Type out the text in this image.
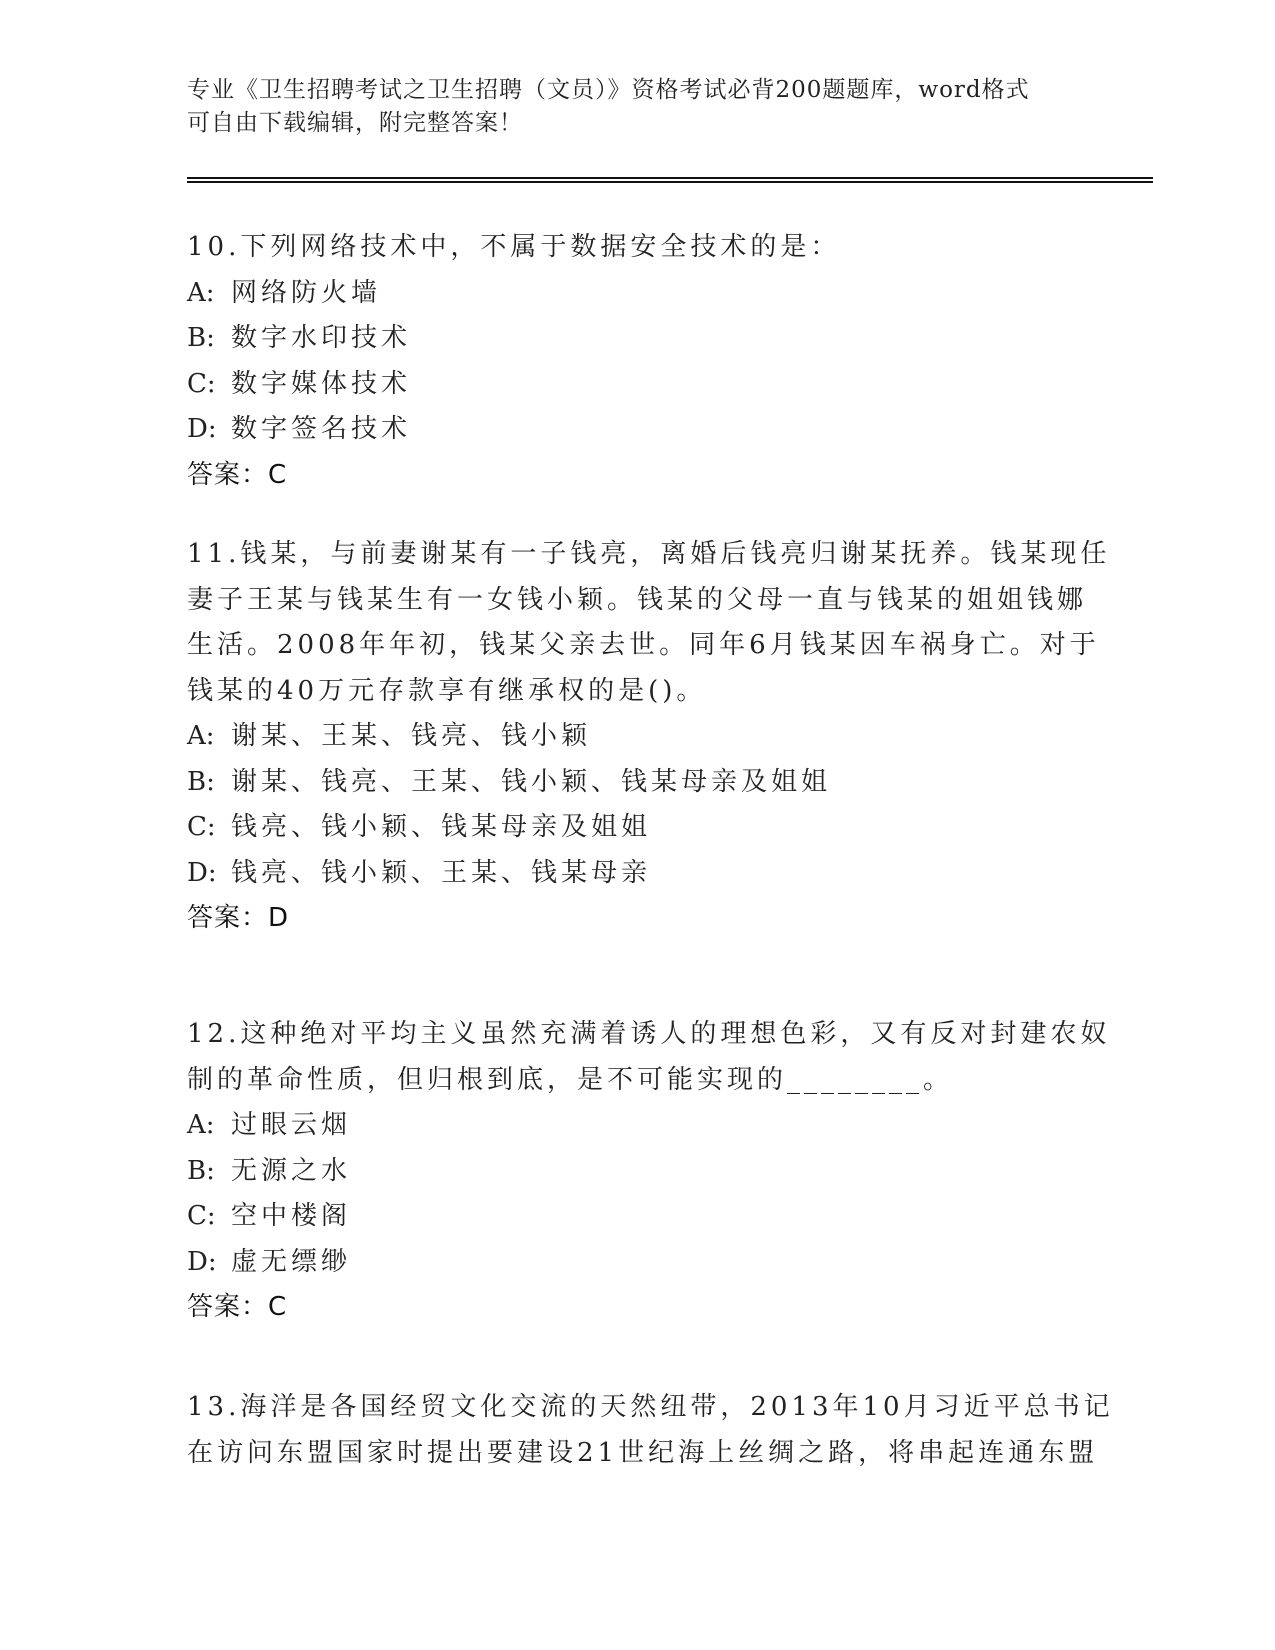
专业《卫生招聘考试之卫生招聘（文员）》资格考试必背200题题库，word格式
可自由下载编辑，附完整答案！
10.下列网络技术中，不属于数据安全技术的是：
A: 网络防火墙
B: 数字水印技术
C: 数字媒体技术
D: 数字签名技术
答案：C
11.钱某，与前妻谢某有一子钱亮，离婚后钱亮归谢某抚养。钱某现任
妻子王某与钱某生有一女钱小颖。钱某的父母一直与钱某的姐姐钱娜
生活。2008年年初，钱某父亲去世。同年6月钱某因车祸身亡。对于
钱某的40万元存款享有继承权的是()。
A: 谢某、王某、钱亮、钱小颖
B: 谢某、钱亮、王某、钱小颖、钱某母亲及姐姐
C: 钱亮、钱小颖、钱某母亲及姐姐
D: 钱亮、钱小颖、王某、钱某母亲
答案：D
12.这种绝对平均主义虽然充满着诱人的理想色彩，又有反对封建农奴
制的革命性质，但归根到底，是不可能实现的________。
A: 过眼云烟
B: 无源之水
C: 空中楼阁
D: 虚无缥缈
答案：C
13.海洋是各国经贸文化交流的天然纽带，2013年10月习近平总书记
在访问东盟国家时提出要建设21世纪海上丝绸之路，将串起连通东盟
